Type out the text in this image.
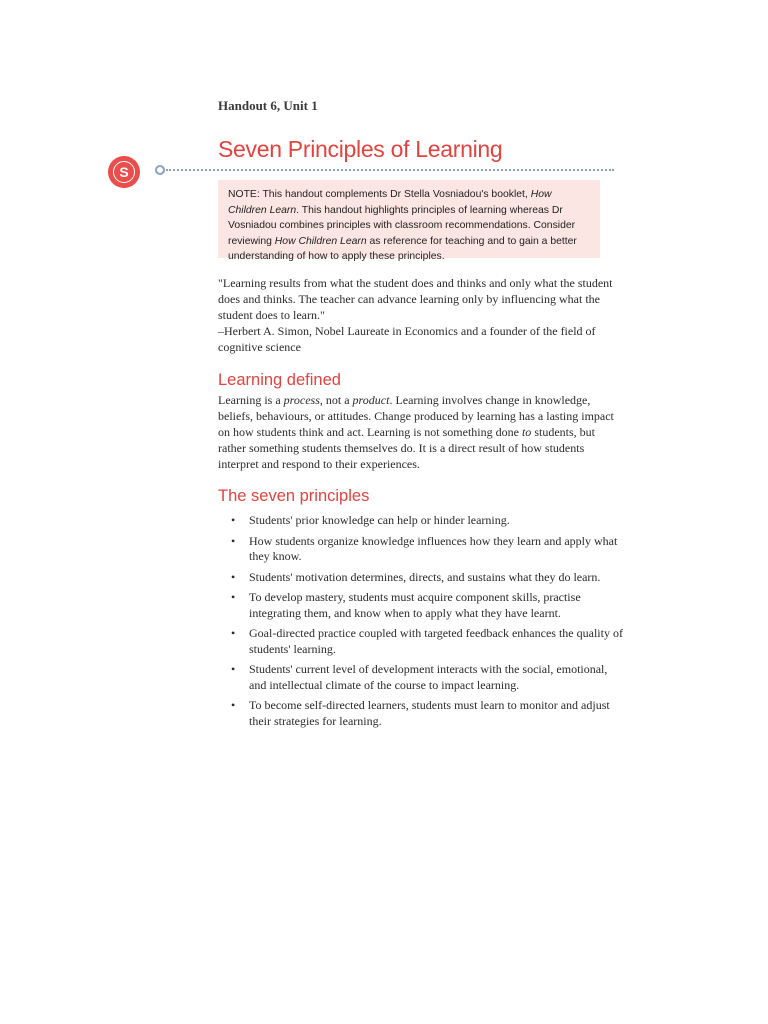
Handout 6, Unit 1
S
Seven Principles of Learning
NOTE: This handout complements Dr Stella Vosniadou's booklet, How Children Learn. This handout highlights principles of learning whereas Dr Vosniadou combines principles with classroom recommendations. Consider reviewing How Children Learn as reference for teaching and to gain a better understanding of how to apply these principles.
"Learning results from what the student does and thinks and only what the student does and thinks. The teacher can advance learning only by influencing what the student does to learn."
–Herbert A. Simon, Nobel Laureate in Economics and a founder of the field of cognitive science
Learning defined
Learning is a process, not a product. Learning involves change in knowledge, beliefs, behaviours, or attitudes. Change produced by learning has a lasting impact on how students think and act. Learning is not something done to students, but rather something students themselves do. It is a direct result of how students interpret and respond to their experiences.
The seven principles
• Students' prior knowledge can help or hinder learning.
• How students organize knowledge influences how they learn and apply what they know.
• Students' motivation determines, directs, and sustains what they do learn.
• To develop mastery, students must acquire component skills, practise integrating them, and know when to apply what they have learnt.
• Goal-directed practice coupled with targeted feedback enhances the quality of students' learning.
• Students' current level of development interacts with the social, emotional, and intellectual climate of the course to impact learning.
• To become self-directed learners, students must learn to monitor and adjust their strategies for learning.
